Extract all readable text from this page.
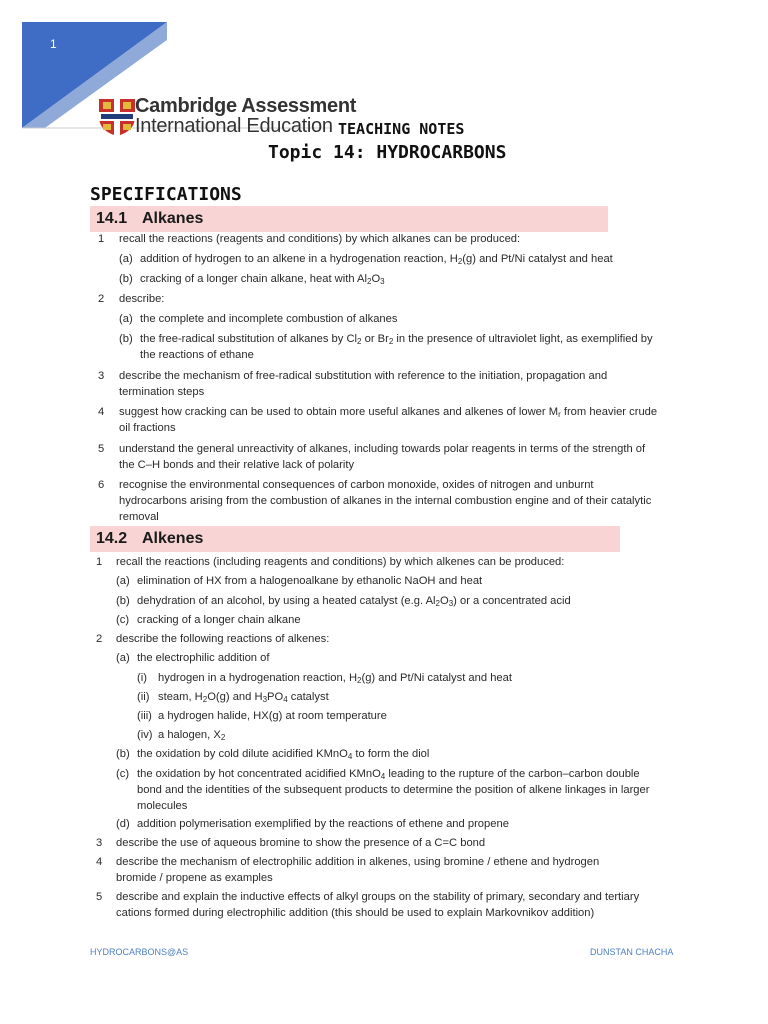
1
Cambridge Assessment
International Education TEACHING NOTES
Topic 14: HYDROCARBONS
SPECIFICATIONS
14.1 Alkanes
1 recall the reactions (reagents and conditions) by which alkanes can be produced:
(a) addition of hydrogen to an alkene in a hydrogenation reaction, $H_2(g)$ and Pt/Ni catalyst and heat
(b) cracking of a longer chain alkane, heat with $Al_2O_3$
2 describe:
(a) the complete and incomplete combustion of alkanes
(b) the free-radical substitution of alkanes by $Cl_2$ or $Br_2$ in the presence of ultraviolet light, as exemplified by
the reactions of ethane
3 describe the mechanism of free-radical substitution with reference to the initiation, propagation and
termination steps
4 suggest how cracking can be used to obtain more useful alkanes and alkenes of lower $M_r$ from heavier crude
oil fractions
5 understand the general unreactivity of alkanes, including towards polar reagents in terms of the strength of
the C–H bonds and their relative lack of polarity
6 recognise the environmental consequences of carbon monoxide, oxides of nitrogen and unburnt
hydrocarbons arising from the combustion of alkanes in the internal combustion engine and of their catalytic
removal
14.2 Alkenes
1 recall the reactions (including reagents and conditions) by which alkenes can be produced:
(a) elimination of HX from a halogenoalkane by ethanolic NaOH and heat
(b) dehydration of an alcohol, by using a heated catalyst (e.g. $Al_2O_3$) or a concentrated acid
(c) cracking of a longer chain alkane
2 describe the following reactions of alkenes:
(a) the electrophilic addition of
(i) hydrogen in a hydrogenation reaction, $H_2(g)$ and Pt/Ni catalyst and heat
(ii) steam, $H_2O(g)$ and $H_3PO_4$ catalyst
(iii) a hydrogen halide, HX(g) at room temperature
(iv) a halogen, $X_2$
(b) the oxidation by cold dilute acidified KMnO$_4$ to form the diol
(c) the oxidation by hot concentrated acidified KMnO$_4$ leading to the rupture of the carbon–carbon double
bond and the identities of the subsequent products to determine the position of alkene linkages in larger
molecules
(d) addition polymerisation exemplified by the reactions of ethene and propene
3 describe the use of aqueous bromine to show the presence of a C=C bond
4 describe the mechanism of electrophilic addition in alkenes, using bromine / ethene and hydrogen
bromide / propene as examples
5 describe and explain the inductive effects of alkyl groups on the stability of primary, secondary and tertiary
cations formed during electrophilic addition (this should be used to explain Markovnikov addition)
HYDROCARBONS@AS	DUNSTAN CHACHA
